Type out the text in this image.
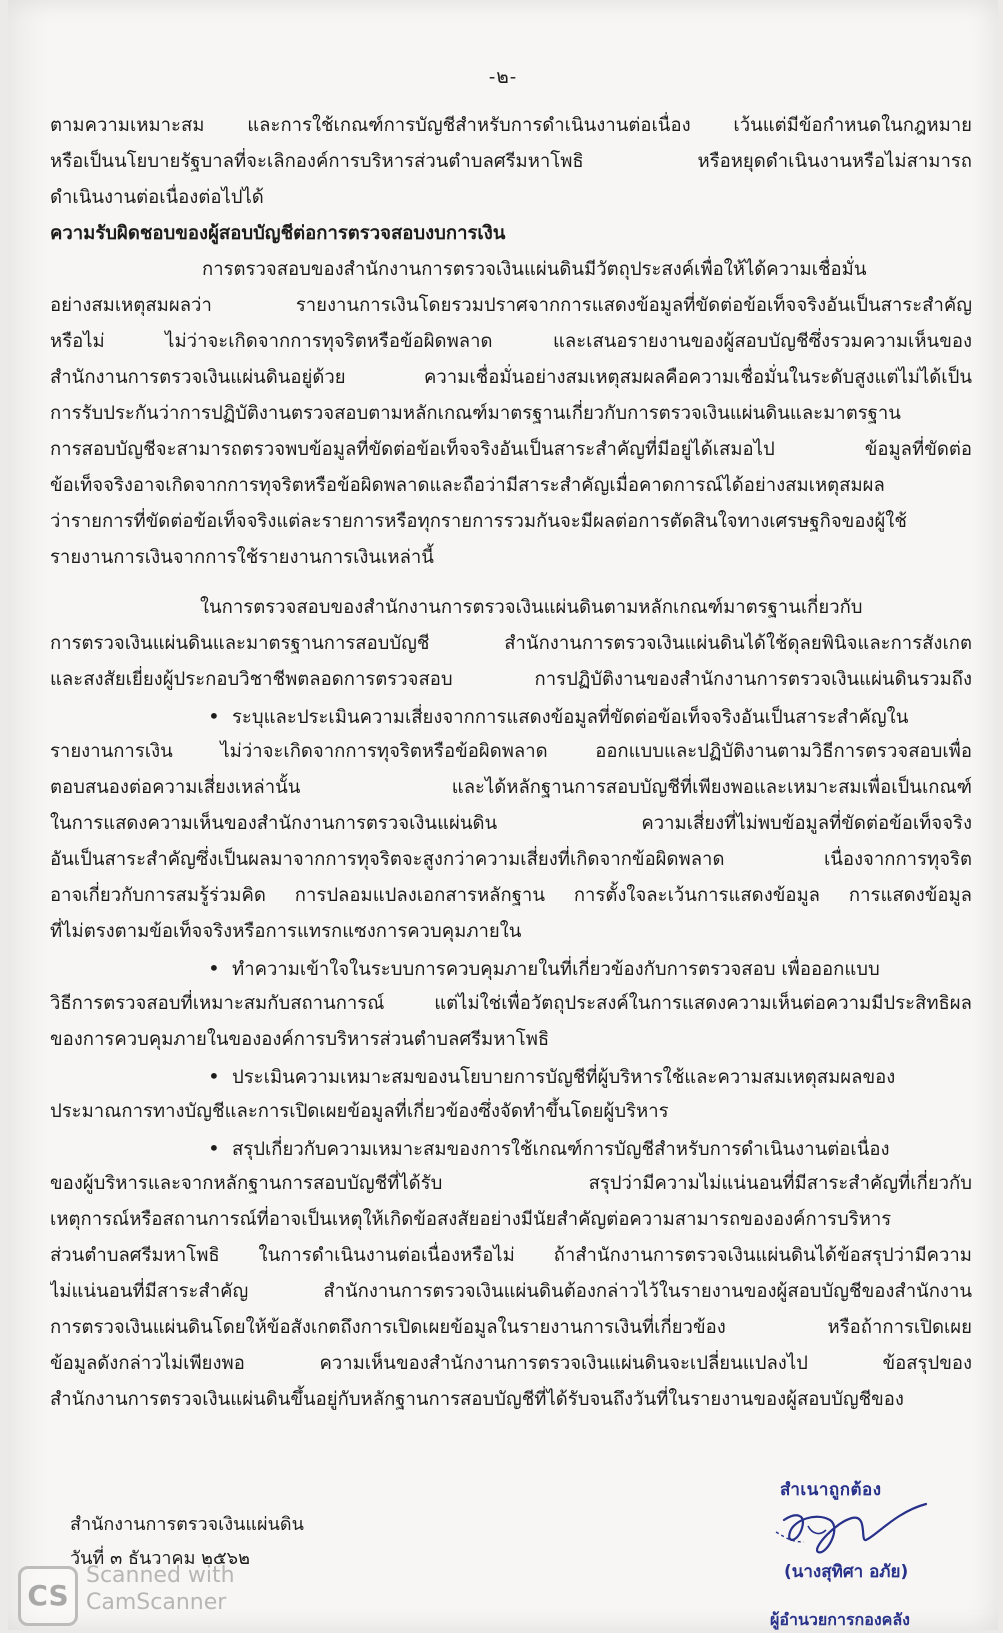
-๒-
ตามความเหมาะสม และการใช้เกณฑ์การบัญชีสำหรับการดำเนินงานต่อเนื่อง เว้นแต่มีข้อกำหนดในกฎหมาย
หรือเป็นนโยบายรัฐบาลที่จะเลิกองค์การบริหารส่วนตำบลศรีมหาโพธิ หรือหยุดดำเนินงานหรือไม่สามารถ
ดำเนินงานต่อเนื่องต่อไปได้
ความรับผิดชอบของผู้สอบบัญชีต่อการตรวจสอบงบการเงิน
การตรวจสอบของสำนักงานการตรวจเงินแผ่นดินมีวัตถุประสงค์เพื่อให้ได้ความเชื่อมั่น
อย่างสมเหตุสมผลว่า รายงานการเงินโดยรวมปราศจากการแสดงข้อมูลที่ขัดต่อข้อเท็จจริงอันเป็นสาระสำคัญ
หรือไม่ ไม่ว่าจะเกิดจากการทุจริตหรือข้อผิดพลาด และเสนอรายงานของผู้สอบบัญชีซึ่งรวมความเห็นของ
สำนักงานการตรวจเงินแผ่นดินอยู่ด้วย ความเชื่อมั่นอย่างสมเหตุสมผลคือความเชื่อมั่นในระดับสูงแต่ไม่ได้เป็น
การรับประกันว่าการปฏิบัติงานตรวจสอบตามหลักเกณฑ์มาตรฐานเกี่ยวกับการตรวจเงินแผ่นดินและมาตรฐาน
การสอบบัญชีจะสามารถตรวจพบข้อมูลที่ขัดต่อข้อเท็จจริงอันเป็นสาระสำคัญที่มีอยู่ได้เสมอไป ข้อมูลที่ขัดต่อ
ข้อเท็จจริงอาจเกิดจากการทุจริตหรือข้อผิดพลาดและถือว่ามีสาระสำคัญเมื่อคาดการณ์ได้อย่างสมเหตุสมผล
ว่ารายการที่ขัดต่อข้อเท็จจริงแต่ละรายการหรือทุกรายการรวมกันจะมีผลต่อการตัดสินใจทางเศรษฐกิจของผู้ใช้
รายงานการเงินจากการใช้รายงานการเงินเหล่านี้
ในการตรวจสอบของสำนักงานการตรวจเงินแผ่นดินตามหลักเกณฑ์มาตรฐานเกี่ยวกับ
การตรวจเงินแผ่นดินและมาตรฐานการสอบบัญชี สำนักงานการตรวจเงินแผ่นดินได้ใช้ดุลยพินิจและการสังเกต
และสงสัยเยี่ยงผู้ประกอบวิชาชีพตลอดการตรวจสอบ การปฏิบัติงานของสำนักงานการตรวจเงินแผ่นดินรวมถึง
• ระบุและประเมินความเสี่ยงจากการแสดงข้อมูลที่ขัดต่อข้อเท็จจริงอันเป็นสาระสำคัญใน
รายงานการเงิน ไม่ว่าจะเกิดจากการทุจริตหรือข้อผิดพลาด ออกแบบและปฏิบัติงานตามวิธีการตรวจสอบเพื่อ
ตอบสนองต่อความเสี่ยงเหล่านั้น และได้หลักฐานการสอบบัญชีที่เพียงพอและเหมาะสมเพื่อเป็นเกณฑ์
ในการแสดงความเห็นของสำนักงานการตรวจเงินแผ่นดิน ความเสี่ยงที่ไม่พบข้อมูลที่ขัดต่อข้อเท็จจริง
อันเป็นสาระสำคัญซึ่งเป็นผลมาจากการทุจริตจะสูงกว่าความเสี่ยงที่เกิดจากข้อผิดพลาด เนื่องจากการทุจริต
อาจเกี่ยวกับการสมรู้ร่วมคิด การปลอมแปลงเอกสารหลักฐาน การตั้งใจละเว้นการแสดงข้อมูล การแสดงข้อมูล
ที่ไม่ตรงตามข้อเท็จจริงหรือการแทรกแซงการควบคุมภายใน
• ทำความเข้าใจในระบบการควบคุมภายในที่เกี่ยวข้องกับการตรวจสอบ เพื่อออกแบบ
วิธีการตรวจสอบที่เหมาะสมกับสถานการณ์ แต่ไม่ใช่เพื่อวัตถุประสงค์ในการแสดงความเห็นต่อความมีประสิทธิผล
ของการควบคุมภายในขององค์การบริหารส่วนตำบลศรีมหาโพธิ
• ประเมินความเหมาะสมของนโยบายการบัญชีที่ผู้บริหารใช้และความสมเหตุสมผลของ
ประมาณการทางบัญชีและการเปิดเผยข้อมูลที่เกี่ยวข้องซึ่งจัดทำขึ้นโดยผู้บริหาร
• สรุปเกี่ยวกับความเหมาะสมของการใช้เกณฑ์การบัญชีสำหรับการดำเนินงานต่อเนื่อง
ของผู้บริหารและจากหลักฐานการสอบบัญชีที่ได้รับ สรุปว่ามีความไม่แน่นอนที่มีสาระสำคัญที่เกี่ยวกับ
เหตุการณ์หรือสถานการณ์ที่อาจเป็นเหตุให้เกิดข้อสงสัยอย่างมีนัยสำคัญต่อความสามารถขององค์การบริหาร
ส่วนตำบลศรีมหาโพธิ ในการดำเนินงานต่อเนื่องหรือไม่ ถ้าสำนักงานการตรวจเงินแผ่นดินได้ข้อสรุปว่ามีความ
ไม่แน่นอนที่มีสาระสำคัญ สำนักงานการตรวจเงินแผ่นดินต้องกล่าวไว้ในรายงานของผู้สอบบัญชีของสำนักงาน
การตรวจเงินแผ่นดินโดยให้ข้อสังเกตถึงการเปิดเผยข้อมูลในรายงานการเงินที่เกี่ยวข้อง หรือถ้าการเปิดเผย
ข้อมูลดังกล่าวไม่เพียงพอ ความเห็นของสำนักงานการตรวจเงินแผ่นดินจะเปลี่ยนแปลงไป ข้อสรุปของ
สำนักงานการตรวจเงินแผ่นดินขึ้นอยู่กับหลักฐานการสอบบัญชีที่ได้รับจนถึงวันที่ในรายงานของผู้สอบบัญชีของ
สำนักงานการตรวจเงินแผ่นดิน
วันที่ ๓ ธันวาคม ๒๕๖๒
สำเนาถูกต้อง
(นางสุทิศา อภัย)
ผู้อำนวยการกองคลัง
CS
Scanned with
CamScanner
